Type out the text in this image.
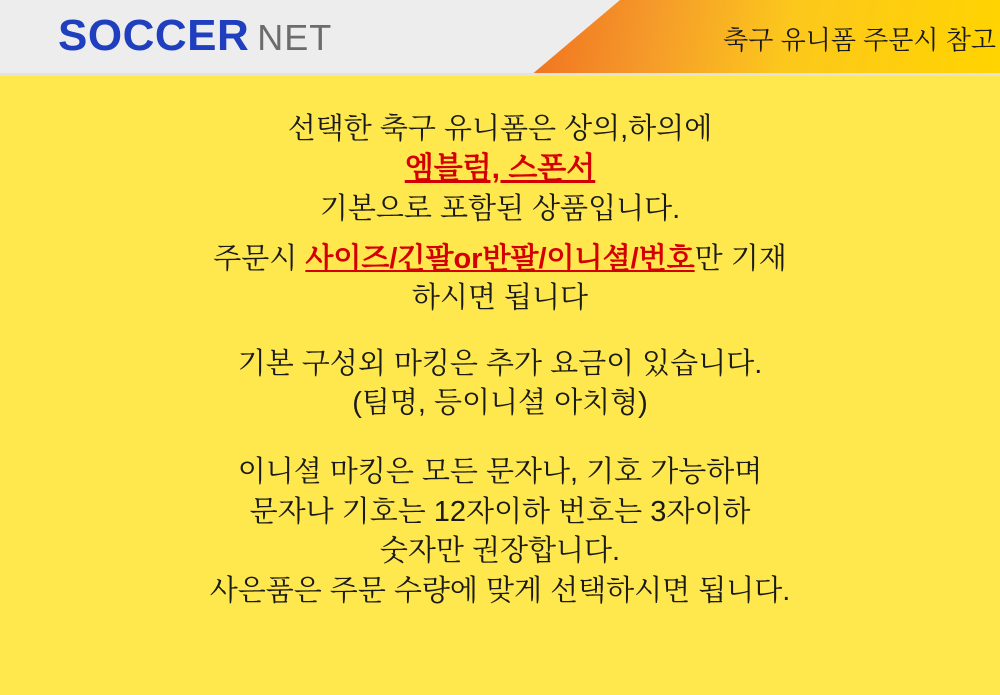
SOCCER NET	축구 유니폼 주문시 참고
선택한 축구 유니폼은 상의,하의에
엠블럼, 스폰서
기본으로 포함된 상품입니다.
주문시 사이즈/긴팔or반팔/이니셜/번호만 기재
하시면 됩니다
기본 구성외 마킹은 추가 요금이 있습니다.
(팀명, 등이니셜 아치형)
이니셜 마킹은 모든 문자나, 기호 가능하며
문자나 기호는 12자이하 번호는 3자이하
숫자만 권장합니다.
사은품은 주문 수량에 맞게 선택하시면 됩니다.
